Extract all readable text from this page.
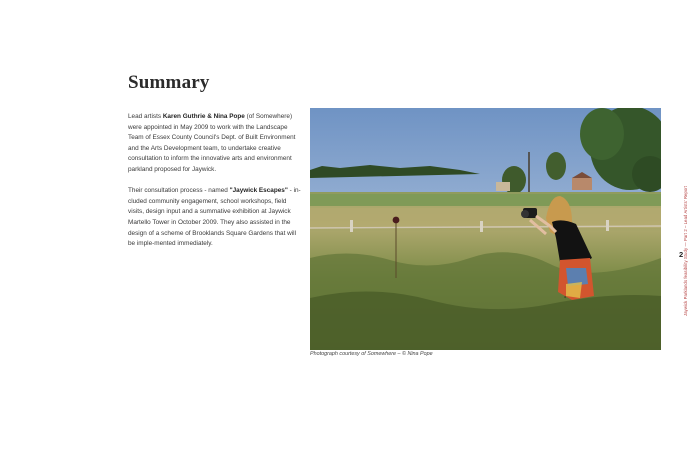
Summary

Lead artists Karen Guthrie & Nina Pope (of Somewhere) were appointed in May 2009 to work with the Landscape Team of Essex County Council's Dept. of Built Environment and the Arts Development team, to undertake creative consultation to inform the innovative arts and environment parkland proposed for Jaywick.

Their consultation process - named "Jaywick Escapes" - in-cluded community engagement, school workshops, field visits, design input and a summative exhibition at Jaywick Martello Tower in October 2009. They also assisted in the design of a scheme of Brooklands Square Gardens that will be imple-mented immediately.

Photograph courtesy of Somewhere – © Nina Pope

2 Jaywick Parklands feasibility Study — Part 2 – Lead Artists' Report
